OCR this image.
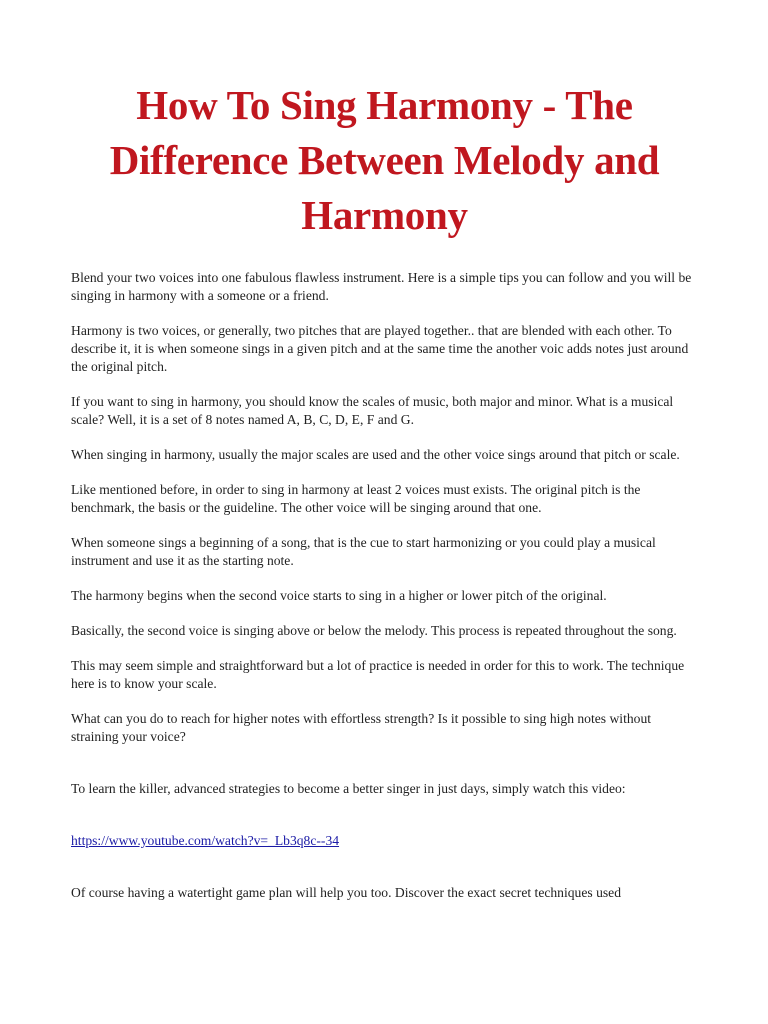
How To Sing Harmony - The Difference Between Melody and Harmony

Blend your two voices into one fabulous flawless instrument. Here is a simple tips you can follow and you will be singing in harmony with a someone or a friend.

Harmony is two voices, or generally, two pitches that are played together.. that are blended with each other. To describe it, it is when someone sings in a given pitch and at the same time the another voic adds notes just around the original pitch.

If you want to sing in harmony, you should know the scales of music, both major and minor. What is a musical scale? Well, it is a set of 8 notes named A, B, C, D, E, F and G.

When singing in harmony, usually the major scales are used and the other voice sings around that pitch or scale.

Like mentioned before, in order to sing in harmony at least 2 voices must exists. The original pitch is the benchmark, the basis or the guideline. The other voice will be singing around that one.

When someone sings a beginning of a song, that is the cue to start harmonizing or you could play a musical instrument and use it as the starting note.

The harmony begins when the second voice starts to sing in a higher or lower pitch of the original.

Basically, the second voice is singing above or below the melody. This process is repeated throughout the song.

This may seem simple and straightforward but a lot of practice is needed in order for this to work. The technique here is to know your scale.

What can you do to reach for higher notes with effortless strength? Is it possible to sing high notes without straining your voice?

To learn the killer, advanced strategies to become a better singer in just days, simply watch this video:

https://www.youtube.com/watch?v=_Lb3q8c--34

Of course having a watertight game plan will help you too. Discover the exact secret techniques used
